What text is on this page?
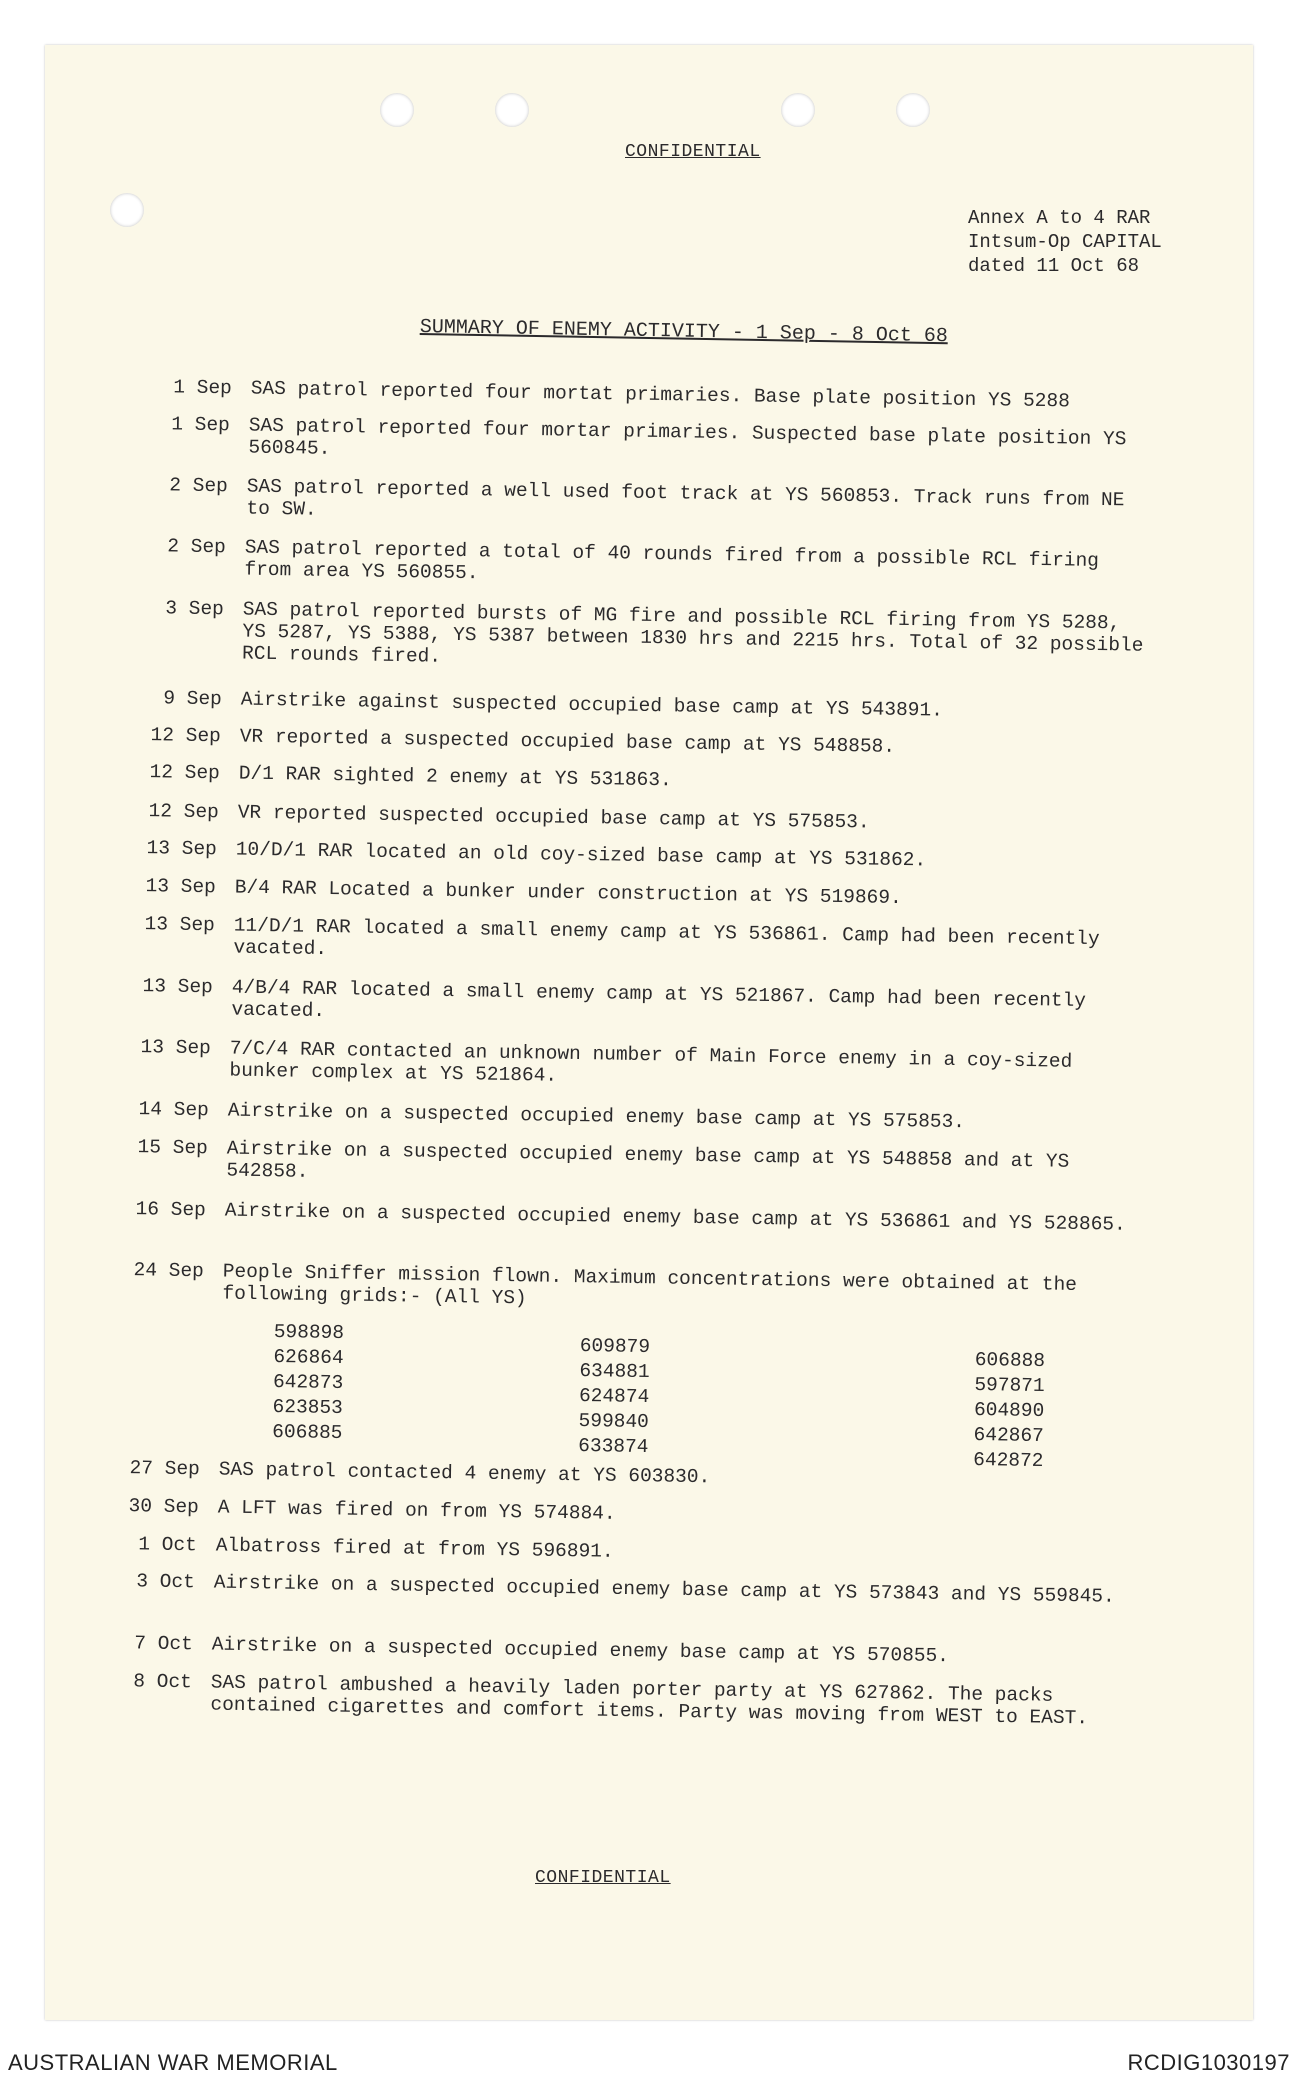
CONFIDENTIAL
Annex A to 4 RAR
Intsum-Op CAPITAL
dated 11 Oct 68
SUMMARY OF ENEMY ACTIVITY - 1 Sep - 8 Oct 68
1 Sep SAS patrol reported four mortat primaries. Base plate position YS 5288
1 Sep SAS patrol reported four mortar primaries. Suspected base plate position YS 560845.
2 Sep SAS patrol reported a well used foot track at YS 560853. Track runs from NE to SW.
2 Sep SAS patrol reported a total of 40 rounds fired from a possible RCL firing from area YS 560855.
3 Sep SAS patrol reported bursts of MG fire and possible RCL firing from YS 5288, YS 5287, YS 5388, YS 5387 between 1830 hrs and 2215 hrs. Total of 32 possible RCL rounds fired.
9 Sep Airstrike against suspected occupied base camp at YS 543891.
12 Sep VR reported a suspected occupied base camp at YS 548858.
12 Sep D/1 RAR sighted 2 enemy at YS 531863.
12 Sep VR reported suspected occupied base camp at YS 575853.
13 Sep 10/D/1 RAR located an old coy-sized base camp at YS 531862.
13 Sep B/4 RAR Located a bunker under construction at YS 519869.
13 Sep 11/D/1 RAR located a small enemy camp at YS 536861. Camp had been recently vacated.
13 Sep 4/B/4 RAR located a small enemy camp at YS 521867. Camp had been recently vacated.
13 Sep 7/C/4 RAR contacted an unknown number of Main Force enemy in a coy-sized bunker complex at YS 521864.
14 Sep Airstrike on a suspected occupied enemy base camp at YS 575853.
15 Sep Airstrike on a suspected occupied enemy base camp at YS 548858 and at YS 542858.
16 Sep Airstrike on a suspected occupied enemy base camp at YS 536861 and YS 528865.
24 Sep People Sniffer mission flown. Maximum concentrations were obtained at the following grids:- (All YS)
598898
626864
642873
623853
606885
609879
634881
624874
599840
633874
606888
597871
604890
642867
642872
27 Sep SAS patrol contacted 4 enemy at YS 603830.
30 Sep A LFT was fired on from YS 574884.
1 Oct Albatross fired at from YS 596891.
3 Oct Airstrike on a suspected occupied enemy base camp at YS 573843 and YS 559845.
7 Oct Airstrike on a suspected occupied enemy base camp at YS 570855.
8 Oct SAS patrol ambushed a heavily laden porter party at YS 627862. The packs contained cigarettes and comfort items. Party was moving from WEST to EAST.
CONFIDENTIAL
AUSTRALIAN WAR MEMORIAL	RCDIG1030197
